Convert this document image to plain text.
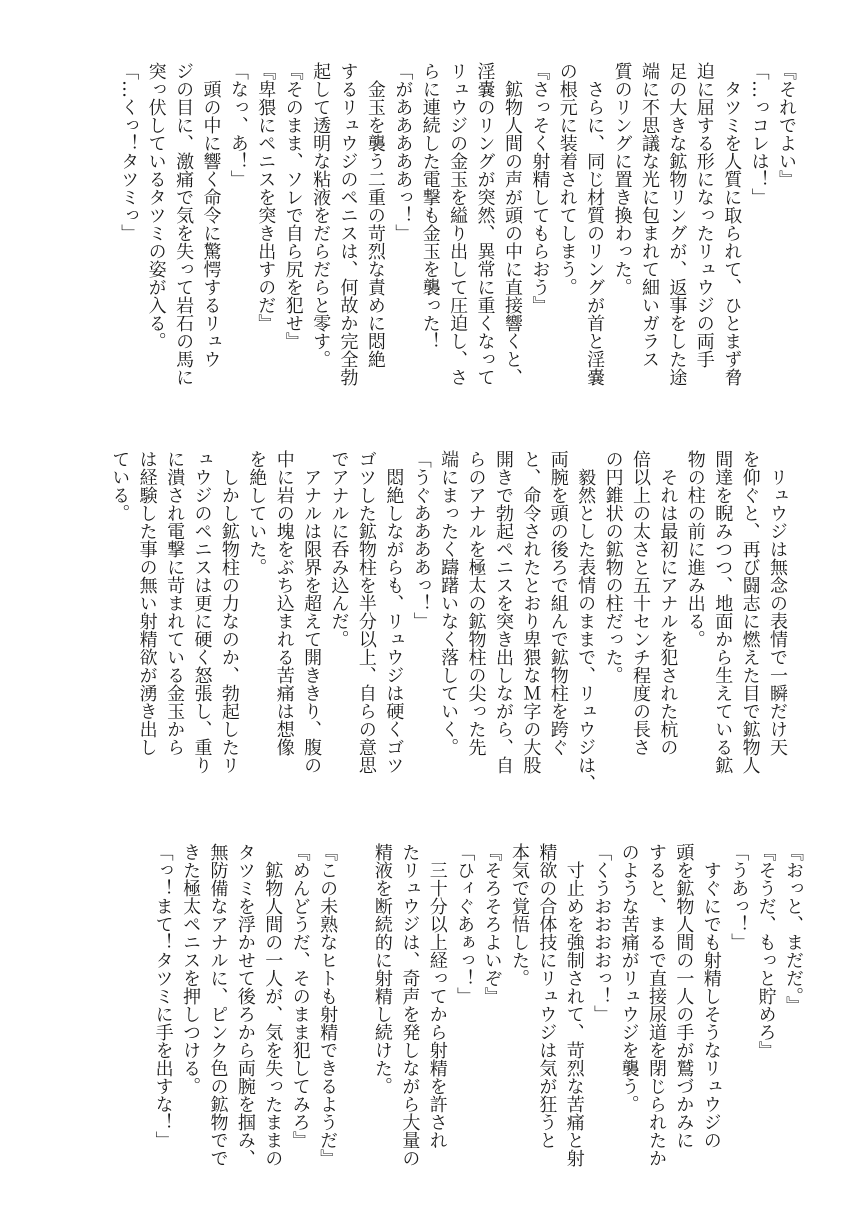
『それでよい』
「…っコレは！」
　タツミを人質に取られて、ひとまず脅
迫に屈する形になったリュウジの両手
足の大きな鉱物リングが、返事をした途
端に不思議な光に包まれて細いガラス
質のリングに置き換わった。
　さらに、同じ材質のリングが首と淫嚢
の根元に装着されてしまう。
『さっそく射精してもらおう』
　鉱物人間の声が頭の中に直接響くと、
淫嚢のリングが突然、異常に重くなって
リュウジの金玉を縊り出して圧迫し、さ
らに連続した電撃も金玉を襲った！
「があああああっ！」
　金玉を襲う二重の苛烈な責めに悶絶
するリュウジのペニスは、何故か完全勃
起して透明な粘液をだらだらと零す。
『そのまま、ソレで自ら尻を犯せ』
『卑猥にペニスを突き出すのだ』
「なっ、あ！」
　頭の中に響く命令に驚愕するリュウ
ジの目に、激痛で気を失って岩石の馬に
突っ伏しているタツミの姿が入る。
「…くっ！タツミっ」
　リュウジは無念の表情で一瞬だけ天
を仰ぐと、再び闘志に燃えた目で鉱物人
間達を睨みつつ、地面から生えている鉱
物の柱の前に進み出る。
　それは最初にアナルを犯された杭の
倍以上の太さと五十センチ程度の長さ
の円錐状の鉱物の柱だった。
　毅然とした表情のままで、リュウジは、
両腕を頭の後ろで組んで鉱物柱を跨ぐ
と、命令されたとおり卑猥なＭ字の大股
開きで勃起ペニスを突き出しながら、自
らのアナルを極太の鉱物柱の尖った先
端にまったく躊躇いなく落していく。
「うぐああああっ！」
　悶絶しながらも、リュウジは硬くゴツ
ゴツした鉱物柱を半分以上、自らの意思
でアナルに呑み込んだ。
　アナルは限界を超えて開ききり、腹の
中に岩の塊をぶち込まれる苦痛は想像
を絶していた。
　しかし鉱物柱の力なのか、勃起したリ
ュウジのペニスは更に硬く怒張し、重り
に潰され電撃に苛まれている金玉から
は経験した事の無い射精欲が湧き出し
ている。
『おっと、まだだ。』
『そうだ、もっと貯めろ』
「うあっ！」
　すぐにでも射精しそうなリュウジの
頭を鉱物人間の一人の手が鷲づかみに
すると、まるで直接尿道を閉じられたか
のような苦痛がリュウジを襲う。
「くうおおおおっ！」
　寸止めを強制されて、苛烈な苦痛と射
精欲の合体技にリュウジは気が狂うと
本気で覚悟した。
『そろそろよいぞ』
「ひィぐあぁっ！」
　三十分以上経ってから射精を許され
たリュウジは、奇声を発しながら大量の
精液を断続的に射精し続けた。
『この未熟なヒトも射精できるようだ』
『めんどうだ、そのまま犯してみろ』
　鉱物人間の一人が、気を失ったままの
タツミを浮かせて後ろから両腕を掴み、
無防備なアナルに、ピンク色の鉱物でで
きた極太ペニスを押しつける。
「っ！まて！タツミに手を出すな！」
